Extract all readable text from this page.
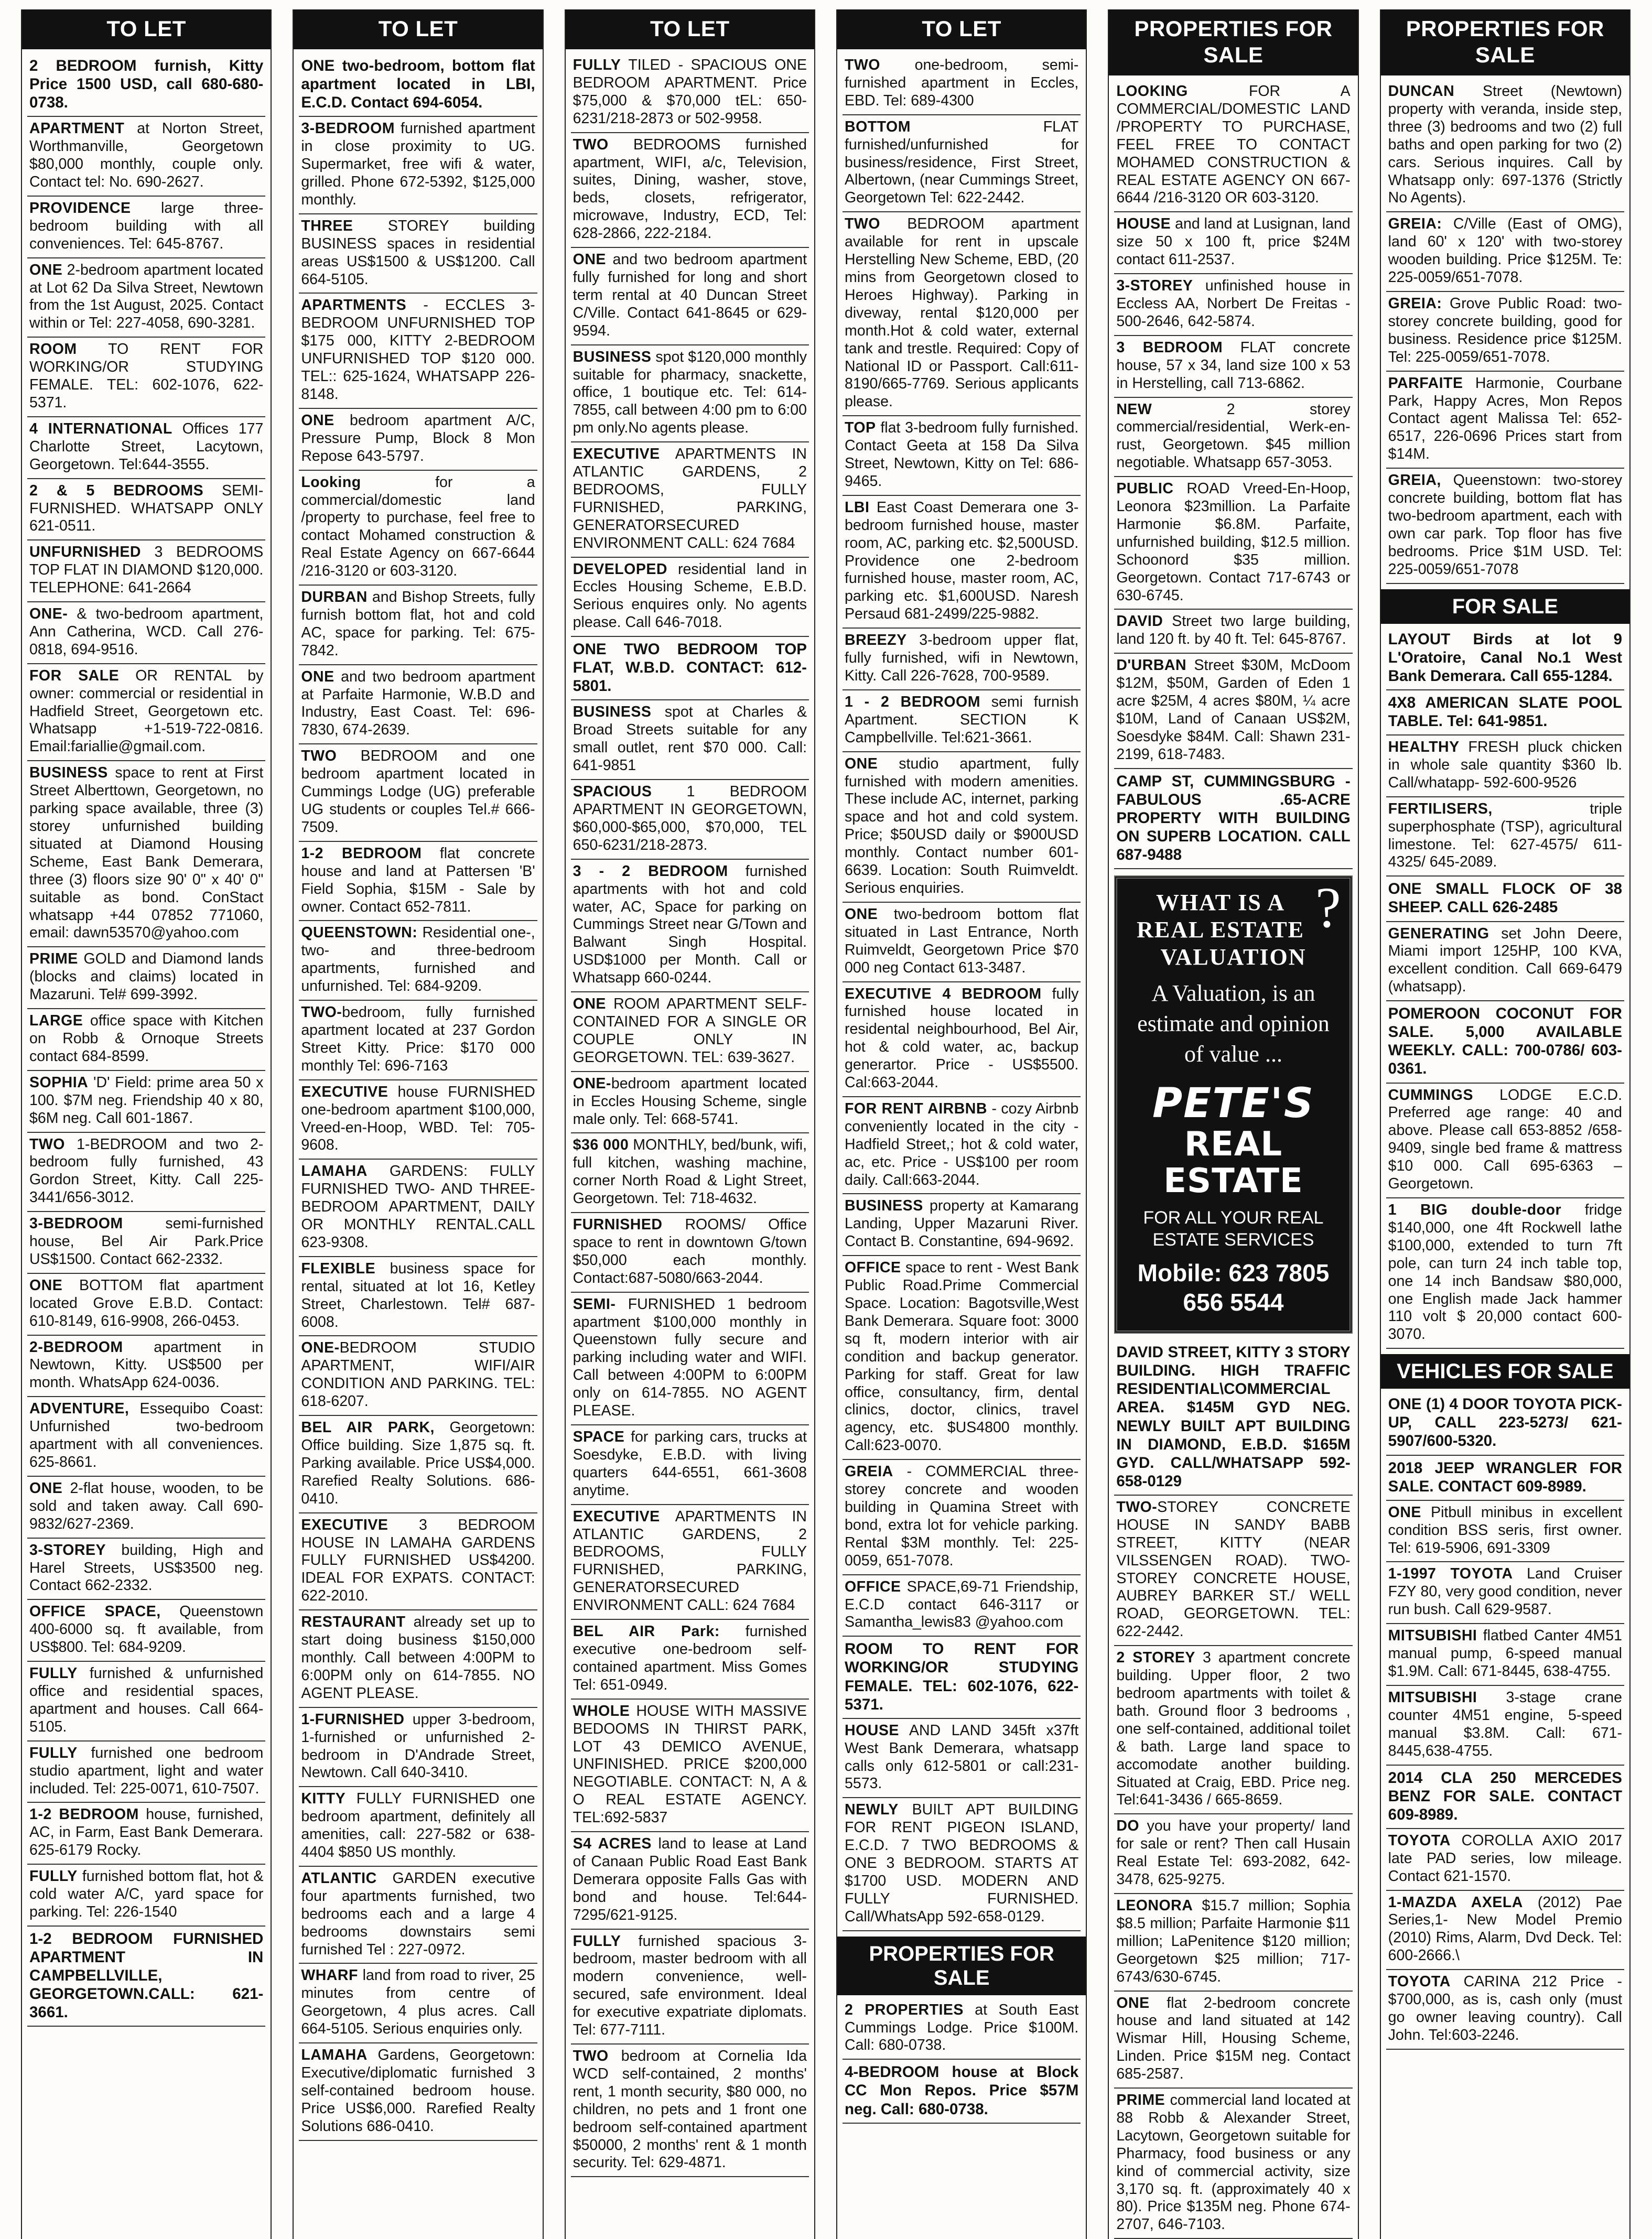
TO LET
2 BEDROOM furnish, Kitty Price 1500 USD, call 680-680-0738.
APARTMENT at Norton Street, Worthmanville, Georgetown $80,000 monthly, couple only. Contact tel: No. 690-2627.
PROVIDENCE large three-bedroom building with all conveniences. Tel: 645-8767.
ONE 2-bedroom apartment located at Lot 62 Da Silva Street, Newtown from the 1st August, 2025. Contact within or Tel: 227-4058, 690-3281.
ROOM TO RENT FOR WORKING/OR STUDYING FEMALE. TEL: 602-1076, 622-5371.
4 INTERNATIONAL Offices 177 Charlotte Street, Lacytown, Georgetown. Tel:644-3555.
2 & 5 BEDROOMS SEMI-FURNISHED. WHATSAPP ONLY 621-0511.
UNFURNISHED 3 BEDROOMS TOP FLAT IN DIAMOND $120,000. TELEPHONE: 641-2664
ONE- & two-bedroom apartment, Ann Catherina, WCD. Call 276-0818, 694-9516.
FOR SALE OR RENTAL by owner: commercial or residential in Hadfield Street, Georgetown etc. Whatsapp +1-519-722-0816. Email:fariallie@gmail.com.
BUSINESS space to rent at First Street Alberttown, Georgetown, no parking space available, three (3) storey unfurnished building situated at Diamond Housing Scheme, East Bank Demerara, three (3) floors size 90' 0" x 40' 0" suitable as bond. ConStact whatsapp +44 07852 771060, email: dawn53570@yahoo.com
PRIME GOLD and Diamond lands (blocks and claims) located in Mazaruni. Tel# 699-3992.
LARGE office space with Kitchen on Robb & Ornoque Streets contact 684-8599.
SOPHIA 'D' Field: prime area 50 x 100. $7M neg. Friendship 40 x 80, $6M neg. Call 601-1867.
TWO 1-BEDROOM and two 2-bedroom fully furnished, 43 Gordon Street, Kitty. Call 225- 3441/656-3012.
3-BEDROOM semi-furnished house, Bel Air Park.Price US$1500. Contact 662-2332.
ONE BOTTOM flat apartment located Grove E.B.D. Contact: 610-8149, 616-9908, 266-0453.
2-BEDROOM apartment in Newtown, Kitty. US$500 per month. WhatsApp 624-0036.
ADVENTURE, Essequibo Coast: Unfurnished two-bedroom apartment with all conveniences. 625-8661.
ONE 2-flat house, wooden, to be sold and taken away. Call 690-9832/627-2369.
3-STOREY building, High and Harel Streets, US$3500 neg. Contact 662-2332.
OFFICE SPACE, Queenstown 400-6000 sq. ft available, from US$800. Tel: 684-9209.
FULLY furnished & unfurnished office and residential spaces, apartment and houses. Call 664-5105.
FULLY furnished one bedroom studio apartment, light and water included. Tel: 225-0071, 610-7507.
1-2 BEDROOM house, furnished, AC, in Farm, East Bank Demerara. 625-6179 Rocky.
FULLY furnished bottom flat, hot & cold water A/C, yard space for parking. Tel: 226-1540
1-2 BEDROOM FURNISHED APARTMENT IN CAMPBELLVILLE, GEORGETOWN.CALL: 621-3661.
TO LET
ONE two-bedroom, bottom flat apartment located in LBI, E.C.D. Contact 694-6054.
3-BEDROOM furnished apartment in close proximity to UG. Supermarket, free wifi & water, grilled. Phone 672-5392, $125,000 monthly.
THREE STOREY building BUSINESS spaces in residential areas US$1500 & US$1200. Call 664-5105.
APARTMENTS - ECCLES 3-BEDROOM UNFURNISHED TOP $175 000, KITTY 2-BEDROOM UNFURNISHED TOP $120 000. TEL:: 625-1624, WHATSAPP 226-8148.
ONE bedroom apartment A/C, Pressure Pump, Block 8 Mon Repose 643-5797.
Looking for a commercial/domestic land /property to purchase, feel free to contact Mohamed construction & Real Estate Agency on 667-6644 /216-3120 or 603-3120.
DURBAN and Bishop Streets, fully furnish bottom flat, hot and cold AC, space for parking. Tel: 675-7842.
ONE and two bedroom apartment at Parfaite Harmonie, W.B.D and Industry, East Coast. Tel: 696-7830, 674-2639.
TWO BEDROOM and one bedroom apartment located in Cummings Lodge (UG) preferable UG students or couples Tel.# 666-7509.
1-2 BEDROOM flat concrete house and land at Pattersen 'B' Field Sophia, $15M - Sale by owner. Contact 652-7811.
QUEENSTOWN: Residential one-, two- and three-bedroom apartments, furnished and unfurnished. Tel: 684-9209.
TWO-bedroom, fully furnished apartment located at 237 Gordon Street Kitty. Price: $170 000 monthly Tel: 696-7163
EXECUTIVE house FURNISHED one-bedroom apartment $100,000, Vreed-en-Hoop, WBD. Tel: 705-9608.
LAMAHA GARDENS: FULLY FURNISHED TWO- AND THREE-BEDROOM APARTMENT, DAILY OR MONTHLY RENTAL.CALL 623-9308.
FLEXIBLE business space for rental, situated at lot 16, Ketley Street, Charlestown. Tel# 687-6008.
ONE-BEDROOM STUDIO APARTMENT, WIFI/AIR CONDITION AND PARKING. TEL: 618-6207.
BEL AIR PARK, Georgetown: Office building. Size 1,875 sq. ft. Parking available. Price US$4,000. Rarefied Realty Solutions. 686-0410.
EXECUTIVE 3 BEDROOM HOUSE IN LAMAHA GARDENS FULLY FURNISHED US$4200. IDEAL FOR EXPATS. CONTACT: 622-2010.
RESTAURANT already set up to start doing business $150,000 monthly. Call between 4:00PM to 6:00PM only on 614-7855. NO AGENT PLEASE.
1-FURNISHED upper 3-bedroom, 1-furnished or unfurnished 2-bedroom in D'Andrade Street, Newtown. Call 640-3410.
KITTY FULLY FURNISHED one bedroom apartment, definitely all amenities, call: 227-582 or 638-4404 $850 US monthly.
ATLANTIC GARDEN executive four apartments furnished, two bedrooms each and a large 4 bedrooms downstairs semi furnished Tel : 227-0972.
WHARF land from road to river, 25 minutes from centre of Georgetown, 4 plus acres. Call 664-5105. Serious enquiries only.
LAMAHA Gardens, Georgetown: Executive/diplomatic furnished 3 self-contained bedroom house. Price US$6,000. Rarefied Realty Solutions 686-0410.
TO LET
FULLY TILED - SPACIOUS ONE BEDROOM APARTMENT. Price $75,000 & $70,000 tEL: 650-6231/218-2873 or 502-9958.
TWO BEDROOMS furnished apartment, WIFI, a/c, Television, suites, Dining, washer, stove, beds, closets, refrigerator, microwave, Industry, ECD, Tel: 628-2866, 222-2184.
ONE and two bedroom apartment fully furnished for long and short term rental at 40 Duncan Street C/Ville. Contact 641-8645 or 629-9594.
BUSINESS spot $120,000 monthly suitable for pharmacy, snackette, office, 1 boutique etc. Tel: 614-7855, call between 4:00 pm to 6:00 pm only.No agents please.
EXECUTIVE APARTMENTS IN ATLANTIC GARDENS, 2 BEDROOMS, FULLY FURNISHED, PARKING, GENERATORSECURED ENVIRONMENT CALL: 624 7684
DEVELOPED residential land in Eccles Housing Scheme, E.B.D. Serious enquires only. No agents please. Call 646-7018.
ONE TWO BEDROOM TOP FLAT, W.B.D. CONTACT: 612-5801.
BUSINESS spot at Charles & Broad Streets suitable for any small outlet, rent $70 000. Call: 641-9851
SPACIOUS 1 BEDROOM APARTMENT IN GEORGETOWN, $60,000-$65,000, $70,000, TEL 650-6231/218-2873.
3 - 2 BEDROOM furnished apartments with hot and cold water, AC, Space for parking on Cummings Street near G/Town and Balwant Singh Hospital. USD$1000 per Month. Call or Whatsapp 660-0244.
ONE ROOM APARTMENT SELF-CONTAINED FOR A SINGLE OR COUPLE ONLY IN GEORGETOWN. TEL: 639-3627.
ONE-bedroom apartment located in Eccles Housing Scheme, single male only. Tel: 668-5741.
$36 000 MONTHLY, bed/bunk, wifi, full kitchen, washing machine, corner North Road & Light Street, Georgetown. Tel: 718-4632.
FURNISHED ROOMS/ Office space to rent in downtown G/town $50,000 each monthly. Contact:687-5080/663-2044.
SEMI- FURNISHED 1 bedroom apartment $100,000 monthly in Queenstown fully secure and parking including water and WIFI. Call between 4:00PM to 6:00PM only on 614-7855. NO AGENT PLEASE.
SPACE for parking cars, trucks at Soesdyke, E.B.D. with living quarters 644-6551, 661-3608 anytime.
EXECUTIVE APARTMENTS IN ATLANTIC GARDENS, 2 BEDROOMS, FULLY FURNISHED, PARKING, GENERATORSECURED ENVIRONMENT CALL: 624 7684
BEL AIR Park: furnished executive one-bedroom self-contained apartment. Miss Gomes Tel: 651-0949.
WHOLE HOUSE WITH MASSIVE BEDOOMS IN THIRST PARK, LOT 43 DEMICO AVENUE, UNFINISHED. PRICE $200,000 NEGOTIABLE. CONTACT: N, A & O REAL ESTATE AGENCY. TEL:692-5837
S4 ACRES land to lease at Land of Canaan Public Road East Bank Demerara opposite Falls Gas with bond and house. Tel:644-7295/621-9125.
FULLY furnished spacious 3-bedroom, master bedroom with all modern convenience, well-secured, safe environment. Ideal for executive expatriate diplomats. Tel: 677-7111.
TWO bedroom at Cornelia Ida WCD self-contained, 2 months' rent, 1 month security, $80 000, no children, no pets and 1 front one bedroom self-contained apartment $50000, 2 months' rent & 1 month security. Tel: 629-4871.
TO LET
TWO one-bedroom, semi-furnished apartment in Eccles, EBD. Tel: 689-4300
BOTTOM FLAT furnished/unfurnished for business/residence, First Street, Albertown, (near Cummings Street, Georgetown Tel: 622-2442.
TWO BEDROOM apartment available for rent in upscale Herstelling New Scheme, EBD, (20 mins from Georgetown closed to Heroes Highway). Parking in diveway, rental $120,000 per month.Hot & cold water, external tank and trestle. Required: Copy of National ID or Passport. Call:611-8190/665-7769. Serious applicants please.
TOP flat 3-bedroom fully furnished. Contact Geeta at 158 Da Silva Street, Newtown, Kitty on Tel: 686-9465.
LBI East Coast Demerara one 3-bedroom furnished house, master room, AC, parking etc. $2,500USD. Providence one 2-bedroom furnished house, master room, AC, parking etc. $1,600USD. Naresh Persaud 681-2499/225-9882.
BREEZY 3-bedroom upper flat, fully furnished, wifi in Newtown, Kitty. Call 226-7628, 700-9589.
1 - 2 BEDROOM semi furnish Apartment. SECTION K Campbellville. Tel:621-3661.
ONE studio apartment, fully furnished with modern amenities. These include AC, internet, parking space and hot and cold system. Price; $50USD daily or $900USD monthly. Contact number 601-6639. Location: South Ruimveldt. Serious enquiries.
ONE two-bedroom bottom flat situated in Last Entrance, North Ruimveldt, Georgetown Price $70 000 neg Contact 613-3487.
EXECUTIVE 4 BEDROOM fully furnished house located in residental neighbourhood, Bel Air, hot & cold water, ac, backup generartor. Price - US$5500. Cal:663-2044.
FOR RENT AIRBNB - cozy Airbnb conveniently located in the city - Hadfield Street,; hot & cold water, ac, etc. Price - US$100 per room daily. Call:663-2044.
BUSINESS property at Kamarang Landing, Upper Mazaruni River. Contact B. Constantine, 694-9692.
OFFICE space to rent - West Bank Public Road.Prime Commercial Space. Location: Bagotsville,West Bank Demerara. Square foot: 3000 sq ft, modern interior with air condition and backup generator. Parking for staff. Great for law office, consultancy, firm, dental clinics, doctor, clinics, travel agency, etc. $US4800 monthly. Call:623-0070.
GREIA - COMMERCIAL three-storey concrete and wooden building in Quamina Street with bond, extra lot for vehicle parking. Rental $3M monthly. Tel: 225-0059, 651-7078.
OFFICE SPACE,69-71 Friendship, E.C.D contact 646-3117 or Samantha_lewis83 @yahoo.com
ROOM TO RENT FOR WORKING/OR STUDYING FEMALE. TEL: 602-1076, 622-5371.
HOUSE AND LAND 345ft x37ft West Bank Demerara, whatsapp calls only 612-5801 or call:231-5573.
NEWLY BUILT APT BUILDING FOR RENT PIGEON ISLAND, E.C.D. 7 TWO BEDROOMS & ONE 3 BEDROOM. STARTS AT $1700 USD. MODERN AND FULLY FURNISHED. Call/WhatsApp 592-658-0129.
PROPERTIES FOR SALE
2 PROPERTIES at South East Cummings Lodge. Price $100M. Call: 680-0738.
4-BEDROOM house at Block CC Mon Repos. Price $57M neg. Call: 680-0738.
PROPERTIES FOR SALE
LOOKING FOR A COMMERCIAL/DOMESTIC LAND /PROPERTY TO PURCHASE, FEEL FREE TO CONTACT MOHAMED CONSTRUCTION & REAL ESTATE AGENCY ON 667-6644 /216-3120 OR 603-3120.
HOUSE and land at Lusignan, land size 50 x 100 ft, price $24M contact 611-2537.
3-STOREY unfinished house in Eccless AA, Norbert De Freitas - 500-2646, 642-5874.
3 BEDROOM FLAT concrete house, 57 x 34, land size 100 x 53 in Herstelling, call 713-6862.
NEW 2 storey commercial/residential, Werk-en-rust, Georgetown. $45 million negotiable. Whatsapp 657-3053.
PUBLIC ROAD Vreed-En-Hoop, Leonora $23million. La Parfaite Harmonie $6.8M. Parfaite, unfurnished building, $12.5 million. Schoonord $35 million. Georgetown. Contact 717-6743 or 630-6745.
DAVID Street two large building, land 120 ft. by 40 ft. Tel: 645-8767.
D'URBAN Street $30M, McDoom $12M, $50M, Garden of Eden 1 acre $25M, 4 acres $80M, ¼ acre $10M, Land of Canaan US$2M, Soesdyke $84M. Call: Shawn 231-2199, 618-7483.
CAMP ST, CUMMINGSBURG - FABULOUS .65-ACRE PROPERTY WITH BUILDING ON SUPERB LOCATION. CALL 687-9488
?
WHAT IS A REAL ESTATE VALUATION
A Valuation, is an estimate and opinion of value ...
PETE'S
REAL ESTATE
FOR ALL YOUR REAL ESTATE SERVICES
Mobile: 623 7805 656 5544
DAVID STREET, KITTY 3 STORY BUILDING. HIGH TRAFFIC RESIDENTIAL\COMMERCIAL AREA. $145M GYD NEG. NEWLY BUILT APT BUILDING IN DIAMOND, E.B.D. $165M GYD. CALL/WHATSAPP 592-658-0129
TWO-STOREY CONCRETE HOUSE IN SANDY BABB STREET, KITTY (NEAR VILSSENGEN ROAD). TWO-STOREY CONCRETE HOUSE, AUBREY BARKER ST./ WELL ROAD, GEORGETOWN. TEL: 622-2442.
2 STOREY 3 apartment concrete building. Upper floor, 2 two bedroom apartments with toilet & bath. Ground floor 3 bedrooms , one self-contained, additional toilet & bath. Large land space to accomodate another building. Situated at Craig, EBD. Price neg. Tel:641-3436 / 665-8659.
DO you have your property/ land for sale or rent? Then call Husain Real Estate Tel: 693-2082, 642-3478, 625-9275.
LEONORA $15.7 million; Sophia $8.5 million; Parfaite Harmonie $11 million; LaPenitence $120 million; Georgetown $25 million; 717-6743/630-6745.
ONE flat 2-bedroom concrete house and land situated at 142 Wismar Hill, Housing Scheme, Linden. Price $15M neg. Contact 685-2587.
PRIME commercial land located at 88 Robb & Alexander Street, Lacytown, Georgetown suitable for Pharmacy, food business or any kind of commercial activity, size 3,170 sq. ft. (approximately 40 x 80). Price $135M neg. Phone 674-2707, 646-7103.
PROPERTIES FOR SALE
DUNCAN Street (Newtown) property with veranda, inside step, three (3) bedrooms and two (2) full baths and open parking for two (2) cars. Serious inquires. Call by Whatsapp only: 697-1376 (Strictly No Agents).
GREIA: C/Ville (East of OMG), land 60' x 120' with two-storey wooden building. Price $125M. Te: 225-0059/651-7078.
GREIA: Grove Public Road: two-storey concrete building, good for business. Residence price $125M. Tel: 225-0059/651-7078.
PARFAITE Harmonie, Courbane Park, Happy Acres, Mon Repos Contact agent Malissa Tel: 652-6517, 226-0696 Prices start from $14M.
GREIA, Queenstown: two-storey concrete building, bottom flat has two-bedroom apartment, each with own car park. Top floor has five bedrooms. Price $1M USD. Tel: 225-0059/651-7078
FOR SALE
LAYOUT Birds at lot 9 L'Oratoire, Canal No.1 West Bank Demerara. Call 655-1284.
4X8 AMERICAN SLATE POOL TABLE. Tel: 641-9851.
HEALTHY FRESH pluck chicken in whole sale quantity $360 lb. Call/whatapp- 592-600-9526
FERTILISERS, triple superphosphate (TSP), agricultural limestone. Tel: 627-4575/ 611-4325/ 645-2089.
ONE SMALL FLOCK OF 38 SHEEP. CALL 626-2485
GENERATING set John Deere, Miami import 125HP, 100 KVA, excellent condition. Call 669-6479 (whatsapp).
POMEROON COCONUT FOR SALE. 5,000 AVAILABLE WEEKLY. CALL: 700-0786/ 603-0361.
CUMMINGS LODGE E.C.D. Preferred age range: 40 and above. Please call 653-8852 /658-9409, single bed frame & mattress $10 000. Call 695-6363 – Georgetown.
1 BIG double-door fridge $140,000, one 4ft Rockwell lathe $100,000, extended to turn 7ft pole, can turn 24 inch table top, one 14 inch Bandsaw $80,000, one English made Jack hammer 110 volt $ 20,000 contact 600-3070.
VEHICLES FOR SALE
ONE (1) 4 DOOR TOYOTA PICK-UP, CALL 223-5273/ 621-5907/600-5320.
2018 JEEP WRANGLER FOR SALE. CONTACT 609-8989.
ONE Pitbull minibus in excellent condition BSS seris, first owner. Tel: 619-5906, 691-3309
1-1997 TOYOTA Land Cruiser FZY 80, very good condition, never run bush. Call 629-9587.
MITSUBISHI flatbed Canter 4M51 manual pump, 6-speed manual $1.9M. Call: 671-8445, 638-4755.
MITSUBISHI 3-stage crane counter 4M51 engine, 5-speed manual $3.8M. Call: 671-8445,638-4755.
2014 CLA 250 MERCEDES BENZ FOR SALE. CONTACT 609-8989.
TOYOTA COROLLA AXIO 2017 late PAD series, low mileage. Contact 621-1570.
1-MAZDA AXELA (2012) Pae Series,1- New Model Premio (2010) Rims, Alarm, Dvd Deck. Tel: 600-2666.\
TOYOTA CARINA 212 Price - $700,000, as is, cash only (must go owner leaving country). Call John. Tel:603-2246.
